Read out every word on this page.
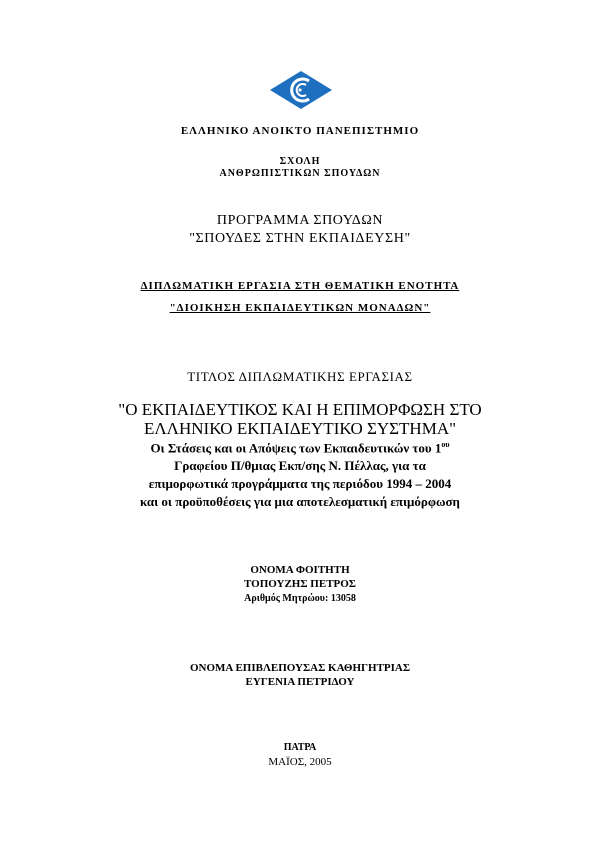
ΕΛΛΗΝΙΚΟ ΑΝΟΙΚΤΟ ΠΑΝΕΠΙΣΤΗΜΙΟ
ΣΧΟΛΗ
ΑΝΘΡΩΠΙΣΤΙΚΩΝ ΣΠΟΥΔΩΝ
ΠΡΟΓΡΑΜΜΑ ΣΠΟΥΔΩΝ
"ΣΠΟΥΔΕΣ ΣΤΗΝ ΕΚΠΑΙΔΕΥΣΗ"
ΔΙΠΛΩΜΑΤΙΚΗ ΕΡΓΑΣΙΑ ΣΤΗ ΘΕΜΑΤΙΚΗ ΕΝΟΤΗΤΑ
"ΔΙΟΙΚΗΣΗ ΕΚΠΑΙΔΕΥΤΙΚΩΝ ΜΟΝΑΔΩΝ"
ΤΙΤΛΟΣ ΔΙΠΛΩΜΑΤΙΚΗΣ ΕΡΓΑΣΙΑΣ
"Ο ΕΚΠΑΙΔΕΥΤΙΚΟΣ ΚΑΙ Η ΕΠΙΜΟΡΦΩΣΗ ΣΤΟ
ΕΛΛΗΝΙΚΟ ΕΚΠΑΙΔΕΥΤΙΚΟ ΣΥΣΤΗΜΑ"
Οι Στάσεις και οι Απόψεις των Εκπαιδευτικών του $1^{o\upsilon}$
Γραφείου Π/θμιας Εκπ/σης Ν. Πέλλας, για τα
επιμορφωτικά προγράμματα της περιόδου 1994 – 2004
και οι προϋποθέσεις για μια αποτελεσματική επιμόρφωση
ΟΝΟΜΑ ΦΟΙΤΗΤΗ
ΤΟΠΟΥΖΗΣ ΠΕΤΡΟΣ
Αριθμός Μητρώου: 13058
ΟΝΟΜΑ ΕΠΙΒΛΕΠΟΥΣΑΣ ΚΑΘΗΓΗΤΡΙΑΣ
ΕΥΓΕΝΙΑ ΠΕΤΡΙΔΟΥ
ΠΑΤΡΑ
ΜΑΪΟΣ, 2005
